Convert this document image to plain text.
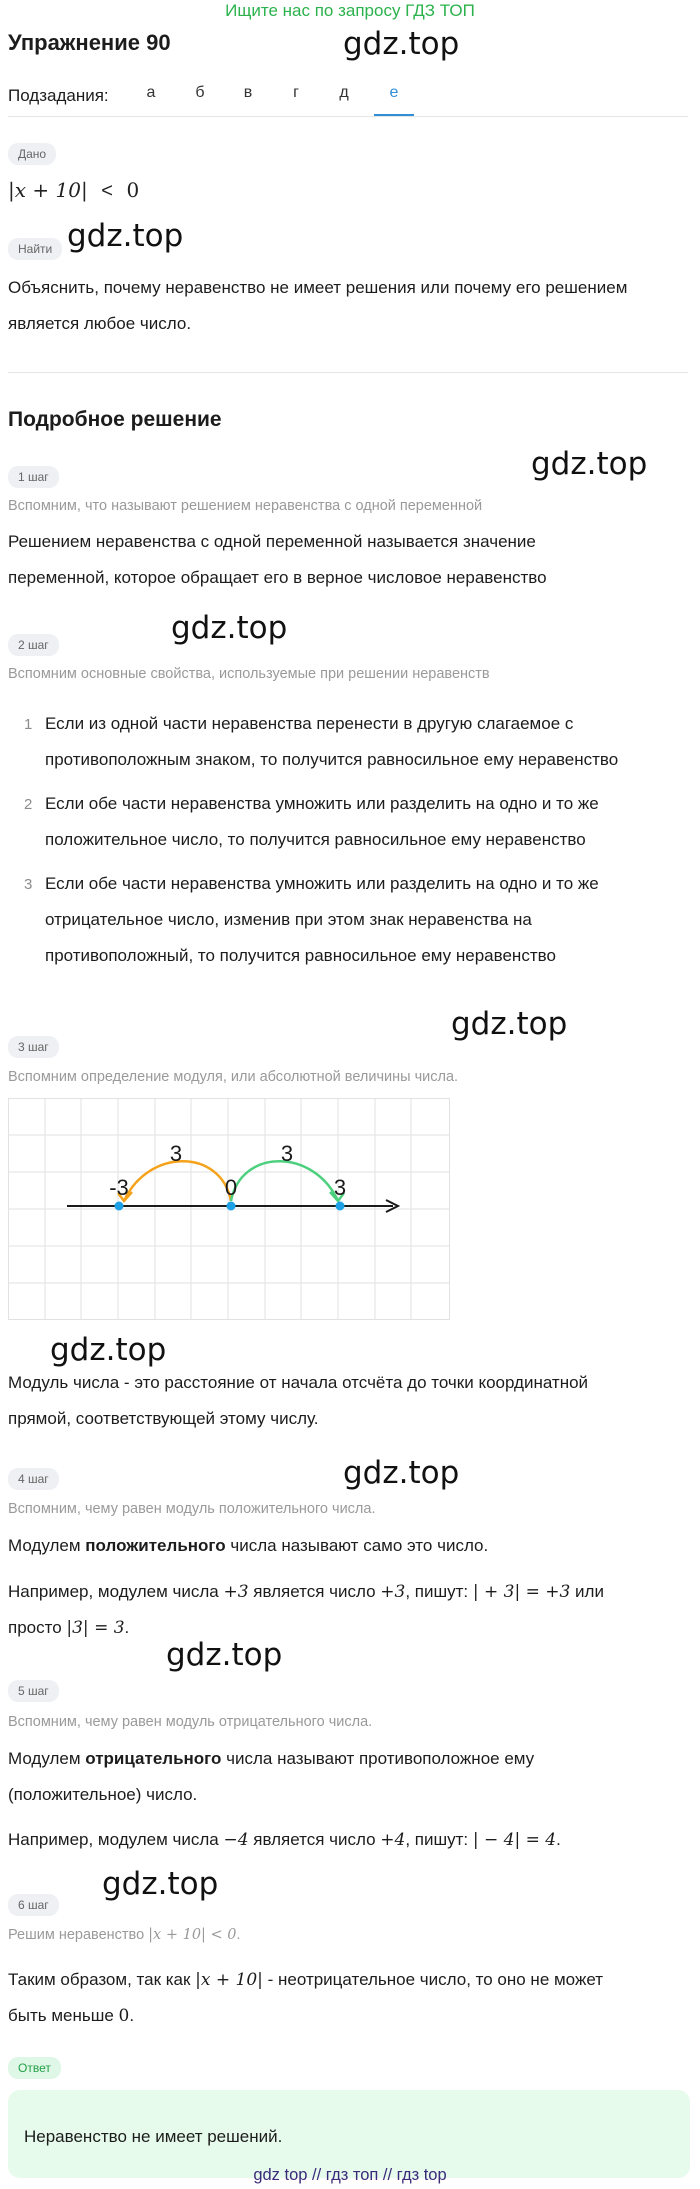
Ищите нас по запросу ГДЗ ТОП
gdz.top
gdz.top
gdz.top
gdz.top
gdz.top
gdz.top
gdz.top
gdz.top
gdz.top
Упражнение 90
Подзадания:	а	б	в	г	д	е
Дано
|x + 10| < 0
Найти
Объяснить, почему неравенство не имеет решения или почему его решением
является любое число.
Подробное решение
1 шаг
Вспомним, что называют решением неравенства с одной переменной
Решением неравенства с одной переменной называется значение
переменной, которое обращает его в верное числовое неравенство
2 шаг
Вспомним основные свойства, используемые при решении неравенств
1 Если из одной части неравенства перенести в другую слагаемое с
противоположным знаком, то получится равносильное ему неравенство
2 Если обе части неравенства умножить или разделить на одно и то же
положительное число, то получится равносильное ему неравенство
3 Если обе части неравенства умножить или разделить на одно и то же
отрицательное число, изменив при этом знак неравенства на
противоположный, то получится равносильное ему неравенство
3 шаг
Вспомним определение модуля, или абсолютной величины числа.
3	3
-3	0	3
Модуль числа - это расстояние от начала отсчёта до точки координатной
прямой, соответствующей этому числу.
4 шаг
Вспомним, чему равен модуль положительного числа.
Модулем положительного числа называют само это число.
Например, модулем числа +3 является число +3, пишут: | + 3| = +3 или
просто |3| = 3.
5 шаг
Вспомним, чему равен модуль отрицательного числа.
Модулем отрицательного числа называют противоположное ему
(положительное) число.
Например, модулем числа −4 является число +4, пишут: | − 4| = 4.
6 шаг
Решим неравенство |x + 10| < 0.
Таким образом, так как |x + 10| - неотрицательное число, то оно не может
быть меньше 0.
Ответ
Неравенство не имеет решений.
gdz top // гдз топ // гдз top
